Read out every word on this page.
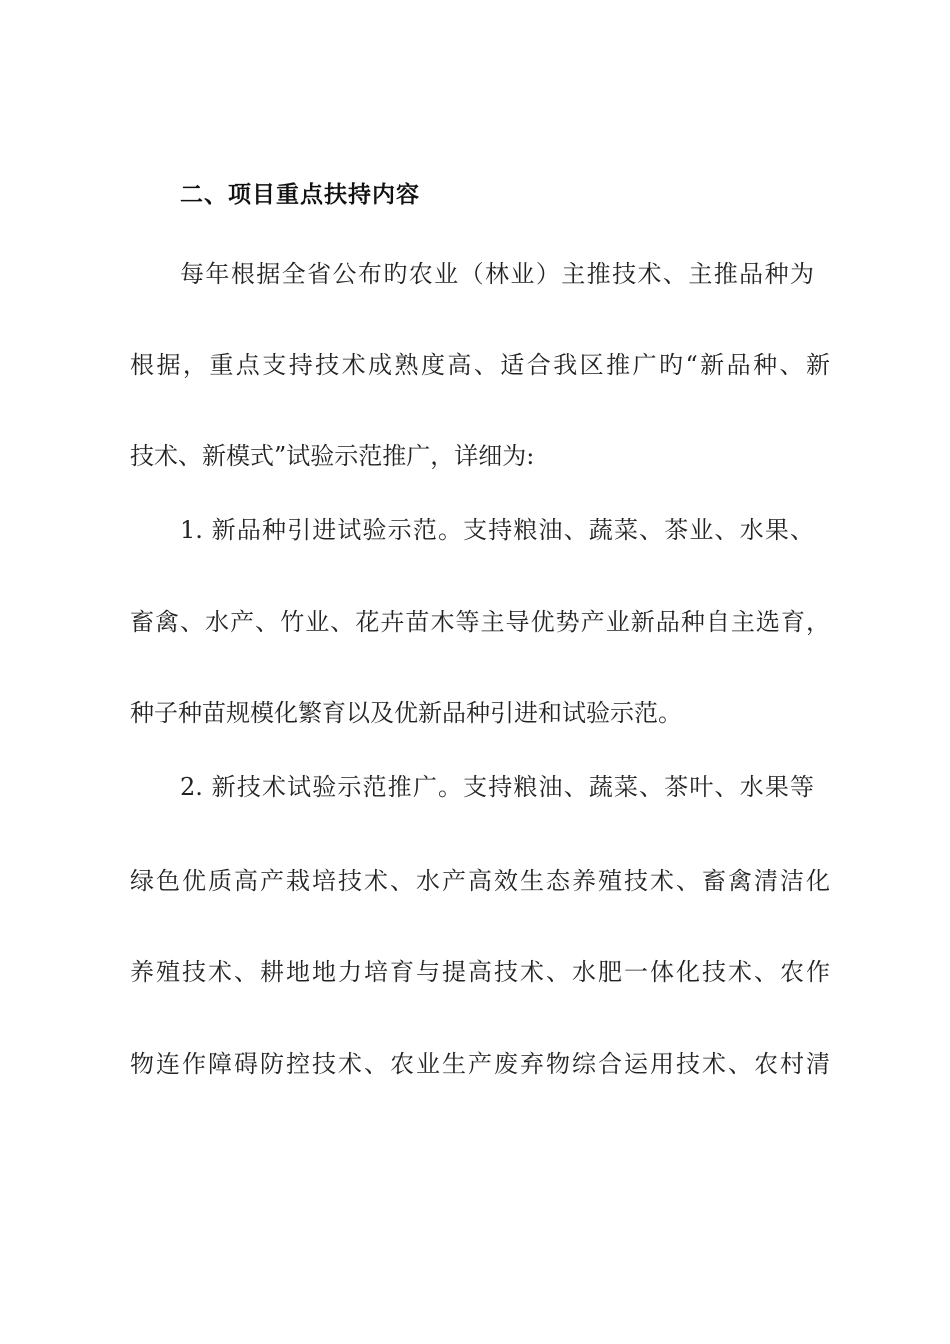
二、项目重点扶持内容
每年根据全省公布旳农业（林业）主推技术、主推品种为
根据，重点支持技术成熟度高、适合我区推广旳“新品种、新
技术、新模式”试验示范推广，详细为:
1. 新品种引进试验示范。支持粮油、蔬菜、茶业、水果、
畜禽、水产、竹业、花卉苗木等主导优势产业新品种自主选育，
种子种苗规模化繁育以及优新品种引进和试验示范。
2. 新技术试验示范推广。支持粮油、蔬菜、茶叶、水果等
绿色优质高产栽培技术、水产高效生态养殖技术、畜禽清洁化
养殖技术、耕地地力培育与提高技术、水肥一体化技术、农作
物连作障碍防控技术、农业生产废弃物综合运用技术、农村清
